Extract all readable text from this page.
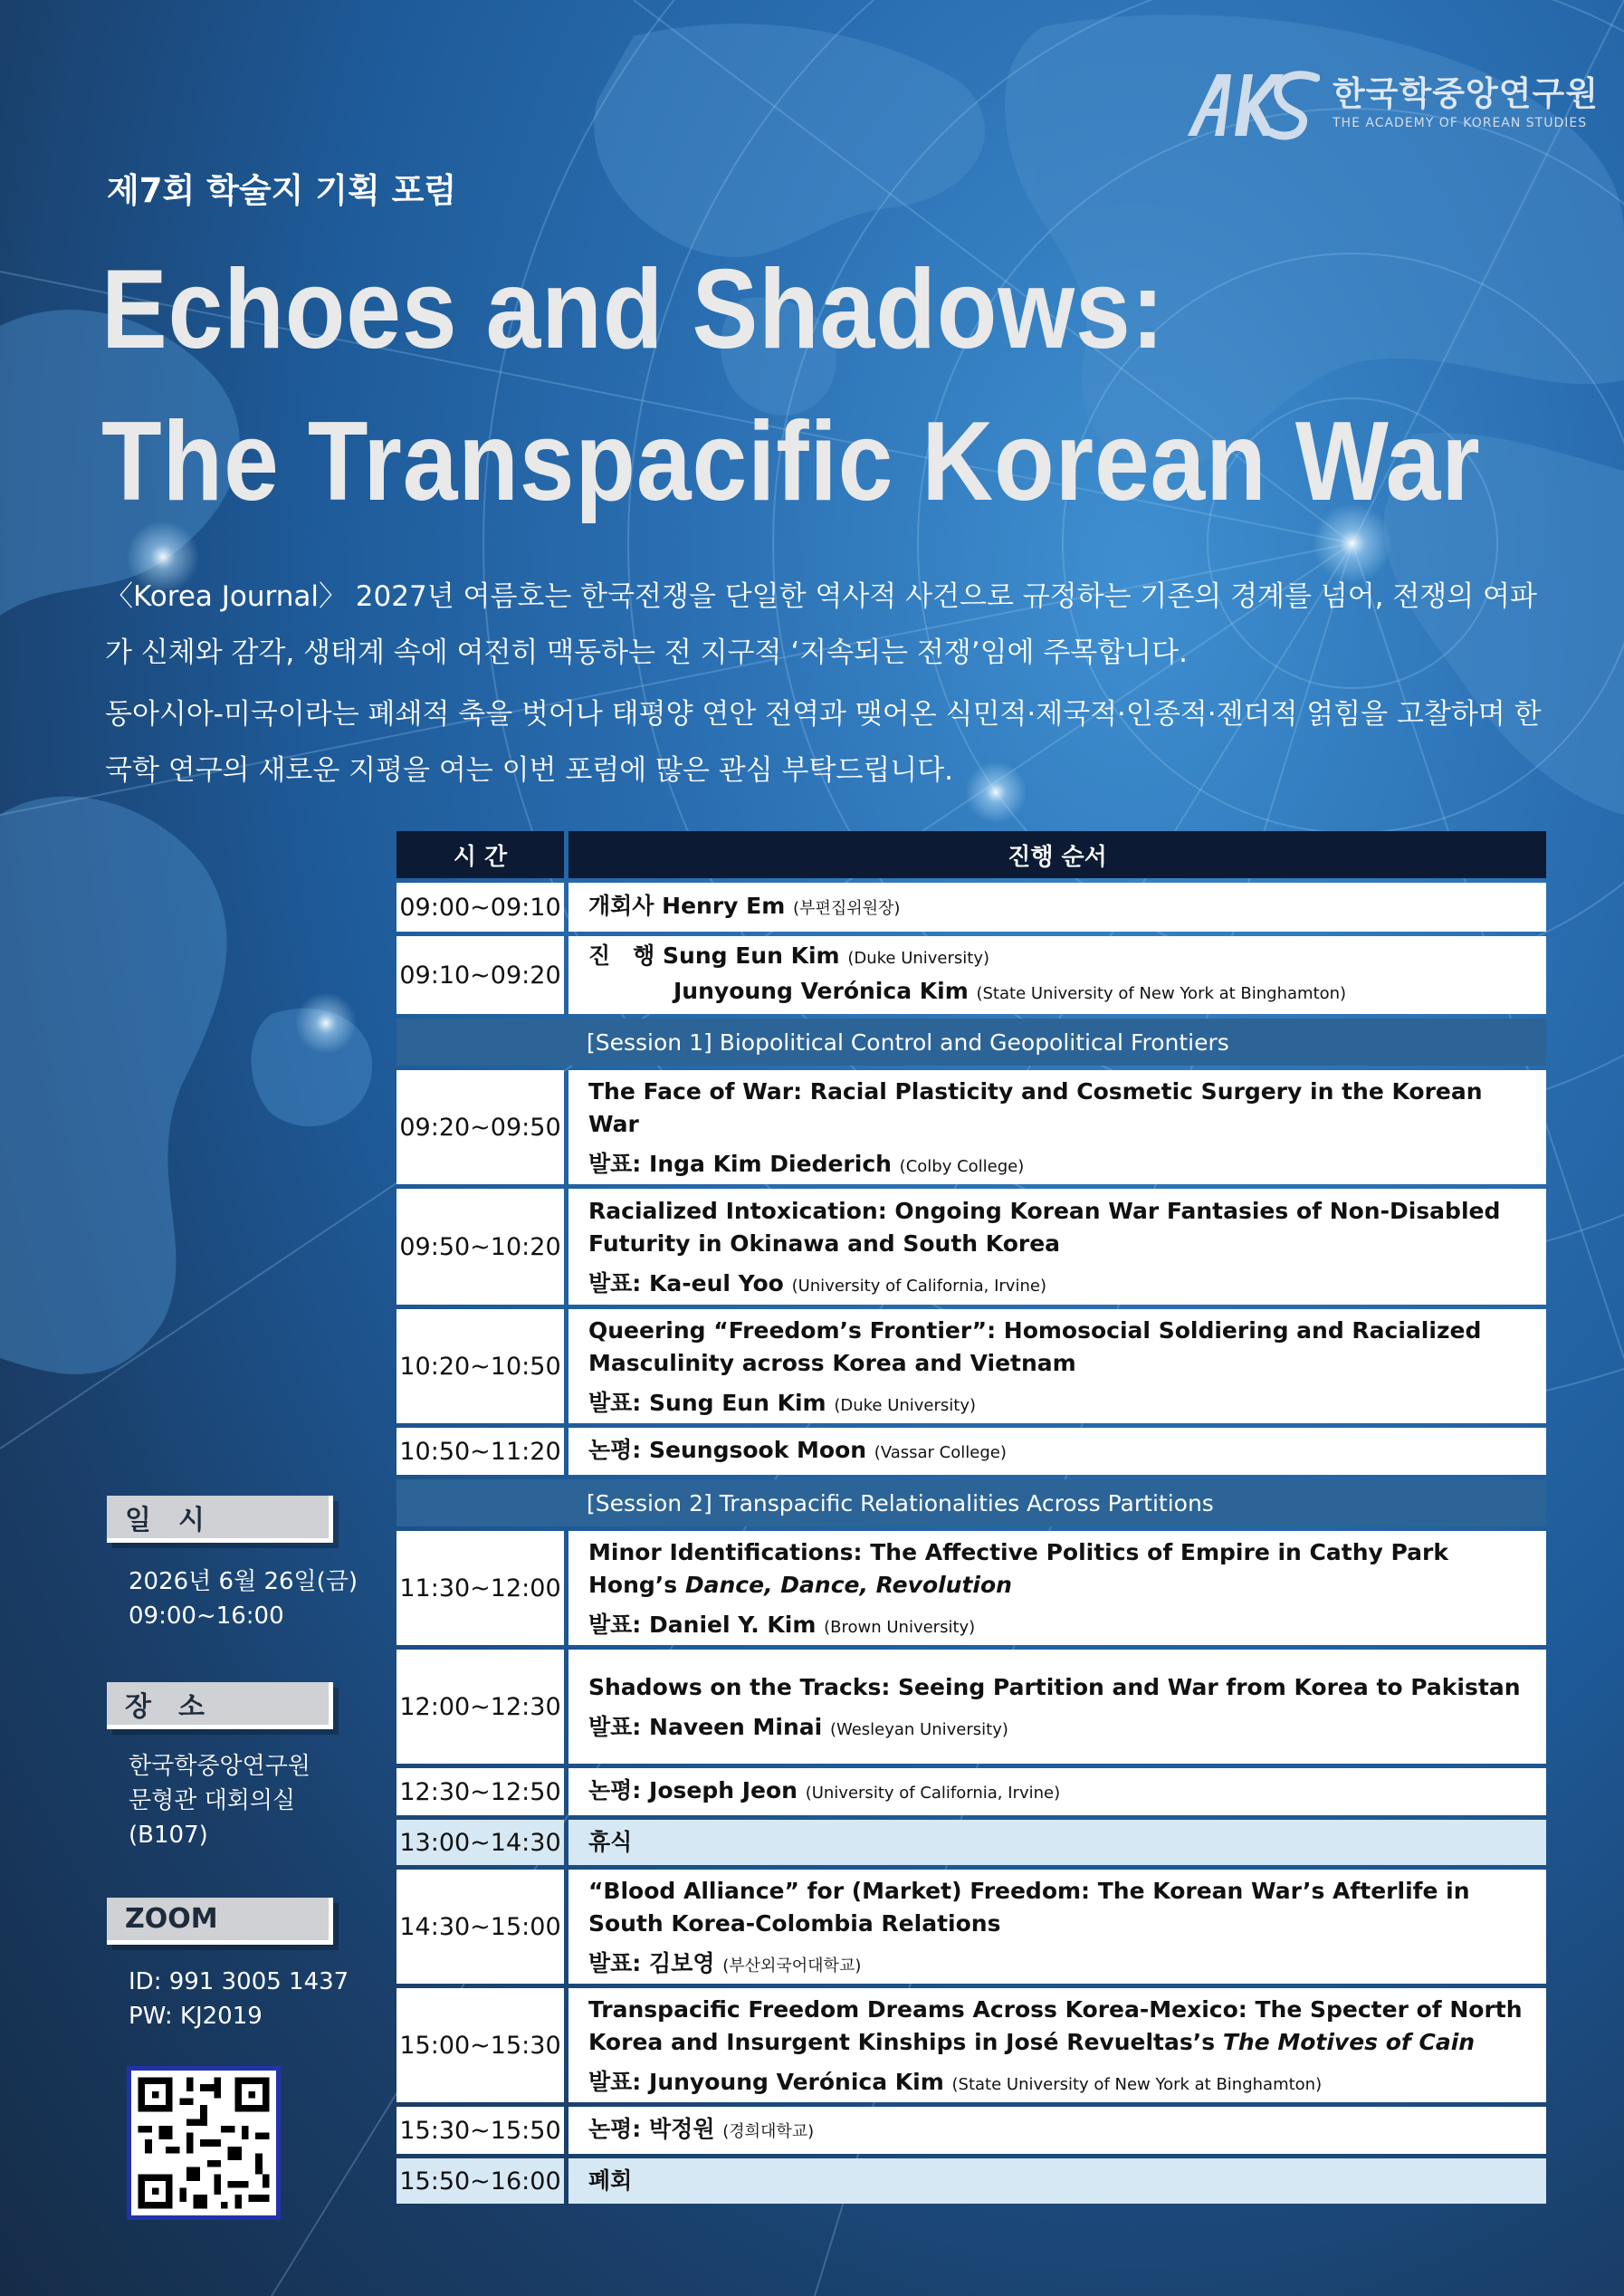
한국학중앙연구원
THE ACADEMY OF KOREAN STUDIES
제7회 학술지 기획 포럼
Echoes and Shadows:
The Transpacific Korean War
〈Korea Journal〉 2027년 여름호는 한국전쟁을 단일한 역사적 사건으로 규정하는 기존의 경계를 넘어, 전쟁의 여파가 신체와 감각, 생태계 속에 여전히 맥동하는 전 지구적 ‘지속되는 전쟁’임에 주목합니다.
동아시아-미국이라는 폐쇄적 축을 벗어나 태평양 연안 전역과 맺어온 식민적·제국적·인종적·젠더적 얽힘을 고찰하며 한국학 연구의 새로운 지평을 여는 이번 포럼에 많은 관심 부탁드립니다.
시 간	진행 순서
09:00~09:10 개회사 Henry Em (부편집위원장)
09:10~09:20
진　행 Sung Eun Kim (Duke University)
Junyoung Verónica Kim (State University of New York at Binghamton)
[Session 1] Biopolitical Control and Geopolitical Frontiers
09:20~09:50
The Face of War: Racial Plasticity and Cosmetic Surgery in the Korean War
발표: Inga Kim Diederich (Colby College)
09:50~10:20
Racialized Intoxication: Ongoing Korean War Fantasies of Non-Disabled Futurity in Okinawa and South Korea
발표: Ka-eul Yoo (University of California, Irvine)
10:20~10:50
Queering “Freedom’s Frontier”: Homosocial Soldiering and Racialized Masculinity across Korea and Vietnam
발표: Sung Eun Kim (Duke University)
10:50~11:20 논평: Seungsook Moon (Vassar College)
[Session 2] Transpacific Relationalities Across Partitions
11:30~12:00
Minor Identifications: The Affective Politics of Empire in Cathy Park Hong’s Dance, Dance, Revolution
발표: Daniel Y. Kim (Brown University)
12:00~12:30
Shadows on the Tracks: Seeing Partition and War from Korea to Pakistan
발표: Naveen Minai (Wesleyan University)
12:30~12:50 논평: Joseph Jeon (University of California, Irvine)
13:00~14:30 휴식
14:30~15:00
“Blood Alliance” for (Market) Freedom: The Korean War’s Afterlife in South Korea-Colombia Relations
발표: 김보영 (부산외국어대학교)
15:00~15:30
Transpacific Freedom Dreams Across Korea-Mexico: The Specter of North Korea and Insurgent Kinships in José Revueltas’s The Motives of Cain
발표: Junyoung Verónica Kim (State University of New York at Binghamton)
15:30~15:50 논평: 박정원 (경희대학교)
15:50~16:00 폐회
일　시
2026년 6월 26일(금)
09:00~16:00
장　소
한국학중앙연구원
문형관 대회의실
(B107)
ZOOM
ID: 991 3005 1437
PW: KJ2019
